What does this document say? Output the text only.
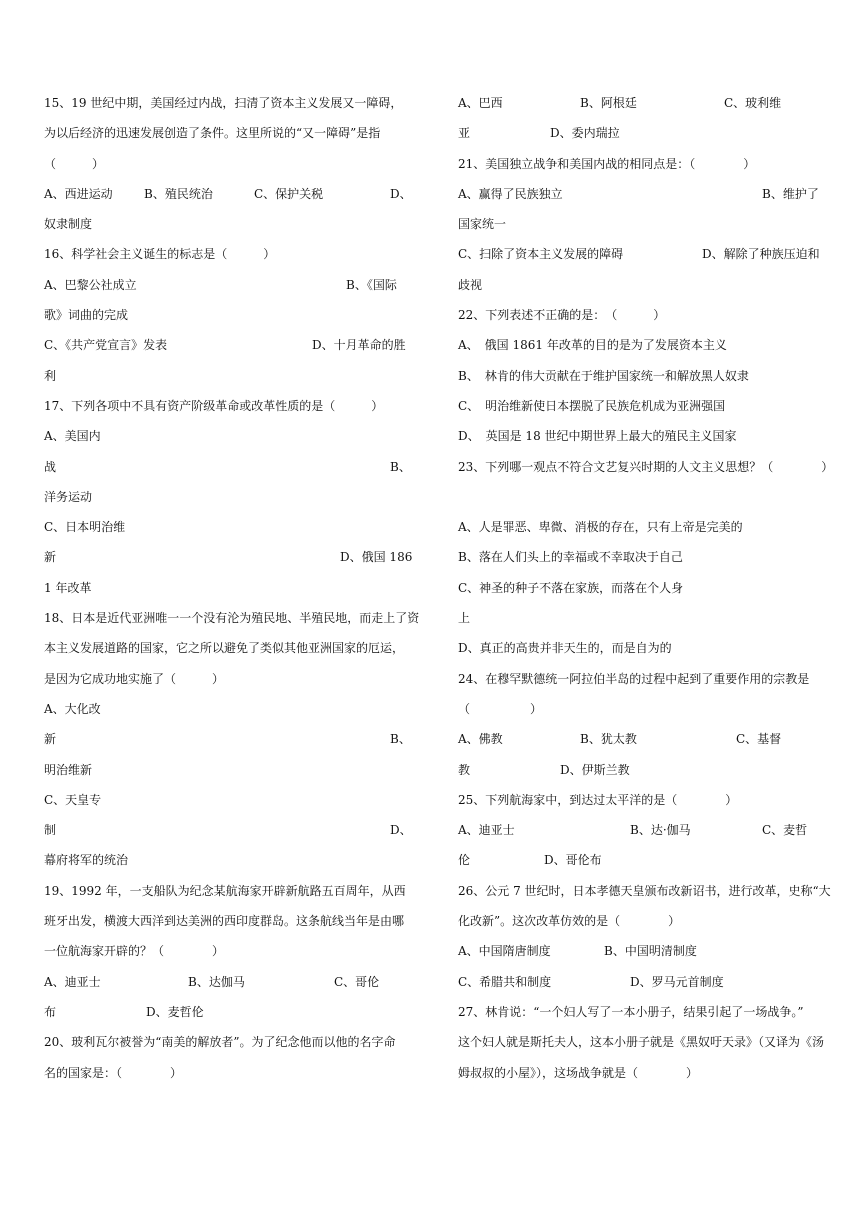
15、19 世纪中期，美国经过内战，扫清了资本主义发展又一障碍，
为以后经济的迅速发展创造了条件。这里所说的“又一障碍”是指
（　　　）
A、西进运动	B、殖民统治	C、保护关税	D、
奴隶制度
16、科学社会主义诞生的标志是（　　　）
A、巴黎公社成立	B、《国际
歌》词曲的完成
C、《共产党宣言》发表	D、十月革命的胜
利
17、下列各项中不具有资产阶级革命或改革性质的是（　　　）
A、美国内
战	B、
洋务运动
C、日本明治维
新	D、俄国 186
1 年改革
18、日本是近代亚洲唯一一个没有沦为殖民地、半殖民地，而走上了资
本主义发展道路的国家，它之所以避免了类似其他亚洲国家的厄运，
是因为它成功地实施了（　　　）
A、大化改
新	B、
明治维新
C、天皇专
制	D、
幕府将军的统治
19、1992 年，一支船队为纪念某航海家开辟新航路五百周年，从西
班牙出发，横渡大西洋到达美洲的西印度群岛。这条航线当年是由哪
一位航海家开辟的？（　　　　）
A、迪亚士	B、达伽马	C、哥伦
布	D、麦哲伦
20、玻利瓦尔被誉为“南美的解放者”。为了纪念他而以他的名字命
名的国家是：（　　　　）
A、巴西	B、阿根廷	C、玻利维
亚	D、委内瑞拉
21、美国独立战争和美国内战的相同点是：（　　　　）
A、赢得了民族独立	B、维护了
国家统一
C、扫除了资本主义发展的障碍	D、解除了种族压迫和
歧视
22、下列表述不正确的是：　（　　　）
A、　俄国 1861 年改革的目的是为了发展资本主义
B、　林肯的伟大贡献在于维护国家统一和解放黑人奴隶
C、　明治维新使日本摆脱了民族危机成为亚洲强国
D、　英国是 18 世纪中期世界上最大的殖民主义国家
23、下列哪一观点不符合文艺复兴时期的人文主义思想？（　　　　）
A、人是罪恶、卑微、消极的存在，只有上帝是完美的
B、落在人们头上的幸福或不幸取决于自己
C、神圣的种子不落在家族，而落在个人身
上
D、真正的高贵并非天生的，而是自为的
24、在穆罕默德统一阿拉伯半岛的过程中起到了重要作用的宗教是
（　　　　　）
A、佛教	B、犹太教	C、基督
教	D、伊斯兰教
25、下列航海家中，到达过太平洋的是（　　　　）
A、迪亚士	B、达·伽马	C、麦哲
伦	D、哥伦布
26、公元 7 世纪时，日本孝德天皇颁布改新诏书，进行改革，史称“大
化改新”。这次改革仿效的是（　　　　）
A、中国隋唐制度	B、中国明清制度
C、希腊共和制度	D、罗马元首制度
27、林肯说：“一个妇人写了一本小册子，结果引起了一场战争。”
这个妇人就是斯托夫人，这本小册子就是《黑奴吁天录》（又译为《汤
姆叔叔的小屋》），这场战争就是（　　　　）
